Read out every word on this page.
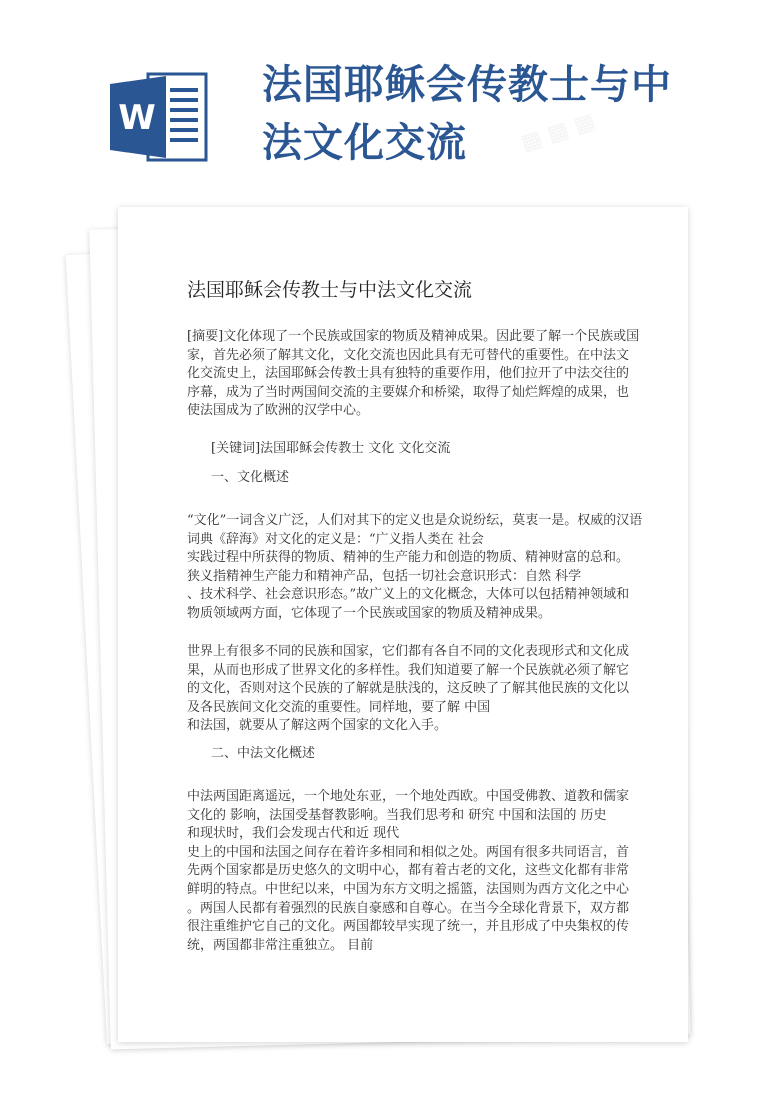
W
法国耶稣会传教士与中
法文化交流	▦ ▦ ▦
法国耶稣会传教士与中法文化交流
[摘要]文化体现了一个民族或国家的物质及精神成果。因此要了解一个民族或国
家，首先必须了解其文化，文化交流也因此具有无可替代的重要性。在中法文
化交流史上，法国耶稣会传教士具有独特的重要作用，他们拉开了中法交往的
序幕，成为了当时两国间交流的主要媒介和桥梁，取得了灿烂辉煌的成果，也
使法国成为了欧洲的汉学中心。
[关键词]法国耶稣会传教士 文化 文化交流
一、文化概述
“文化”一词含义广泛，人们对其下的定义也是众说纷纭，莫衷一是。权威的汉语
词典《辞海》对文化的定义是：“广义指人类在 社会
实践过程中所获得的物质、精神的生产能力和创造的物质、精神财富的总和。
狭义指精神生产能力和精神产品，包括一切社会意识形式：自然 科学
、技术科学、社会意识形态。”故广义上的文化概念，大体可以包括精神领域和
物质领域两方面，它体现了一个民族或国家的物质及精神成果。
世界上有很多不同的民族和国家，它们都有各自不同的文化表现形式和文化成
果，从而也形成了世界文化的多样性。我们知道要了解一个民族就必须了解它
的文化，否则对这个民族的了解就是肤浅的，这反映了了解其他民族的文化以
及各民族间文化交流的重要性。同样地，要了解 中国
和法国，就要从了解这两个国家的文化入手。
二、中法文化概述
中法两国距离遥远，一个地处东亚，一个地处西欧。中国受佛教、道教和儒家
文化的 影响，法国受基督教影响。当我们思考和 研究 中国和法国的 历史
和现状时，我们会发现古代和近 现代
史上的中国和法国之间存在着许多相同和相似之处。两国有很多共同语言，首
先两个国家都是历史悠久的文明中心，都有着古老的文化，这些文化都有非常
鲜明的特点。中世纪以来，中国为东方文明之摇篮，法国则为西方文化之中心
。两国人民都有着强烈的民族自豪感和自尊心。在当今全球化背景下，双方都
很注重维护它自己的文化。两国都较早实现了统一，并且形成了中央集权的传
统，两国都非常注重独立。 目前
